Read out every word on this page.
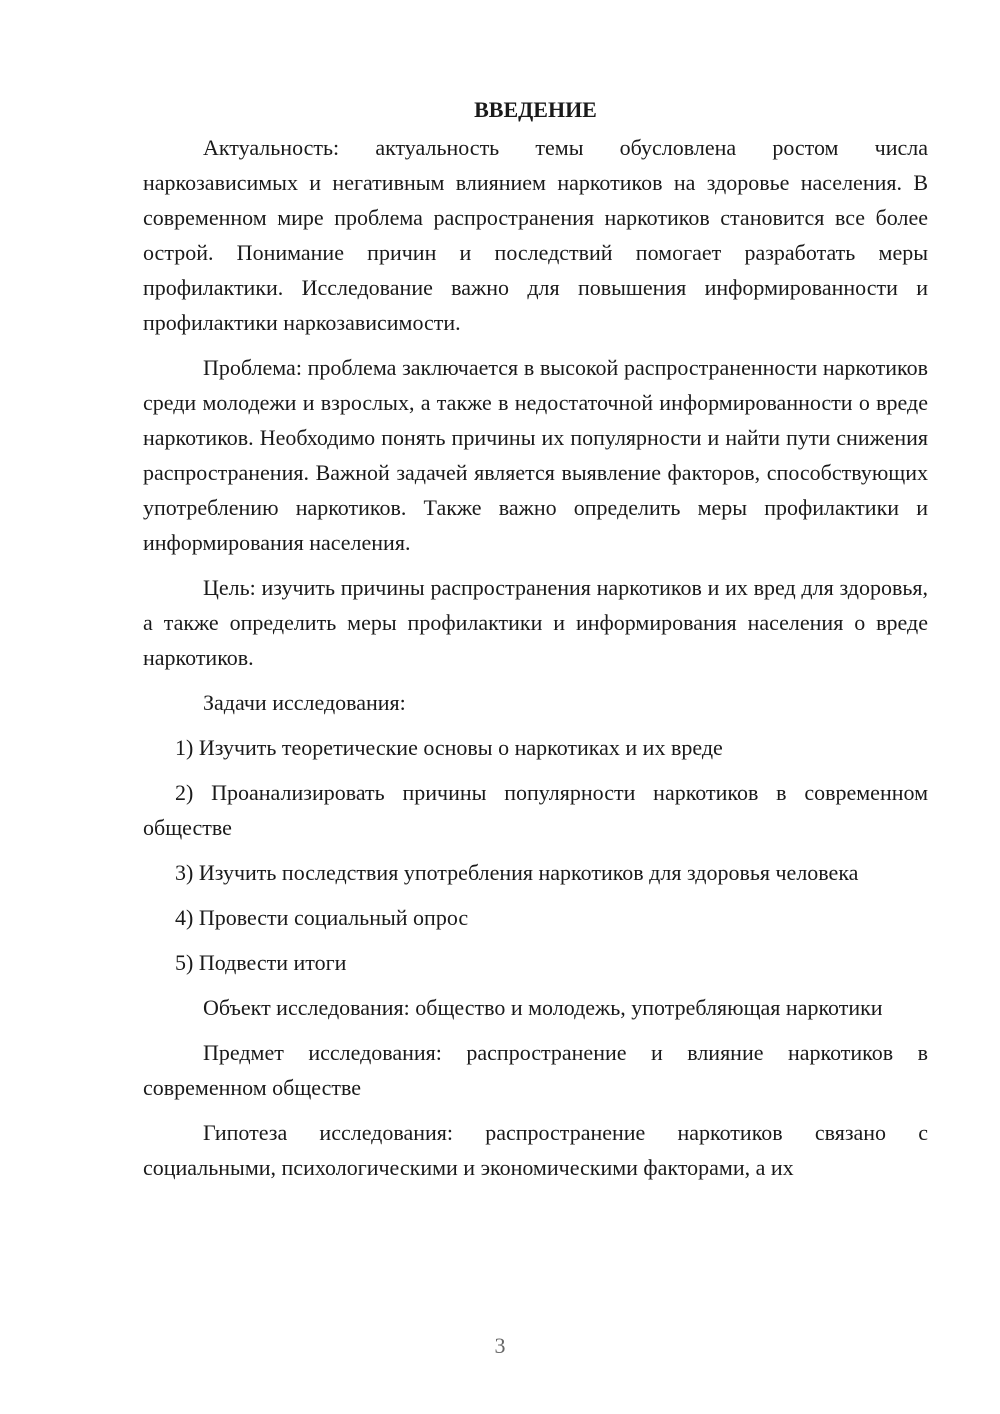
ВВЕДЕНИЕ

Актуальность: актуальность темы обусловлена ростом числа наркозависимых и негативным влиянием наркотиков на здоровье населения. В современном мире проблема распространения наркотиков становится все более острой. Понимание причин и последствий помогает разработать меры профилактики. Исследование важно для повышения информированности и профилактики наркозависимости.

Проблема: проблема заключается в высокой распространенности наркотиков среди молодежи и взрослых, а также в недостаточной информированности о вреде наркотиков. Необходимо понять причины их популярности и найти пути снижения распространения. Важной задачей является выявление факторов, способствующих употреблению наркотиков. Также важно определить меры профилактики и информирования населения.

Цель: изучить причины распространения наркотиков и их вред для здоровья, а также определить меры профилактики и информирования населения о вреде наркотиков.

Задачи исследования:

1) Изучить теоретические основы о наркотиках и их вреде

2) Проанализировать причины популярности наркотиков в современном обществе

3) Изучить последствия употребления наркотиков для здоровья человека

4) Провести социальный опрос

5) Подвести итоги

Объект исследования: общество и молодежь, употребляющая наркотики

Предмет исследования: распространение и влияние наркотиков в современном обществе

Гипотеза исследования: распространение наркотиков связано с социальными, психологическими и экономическими факторами, а их

3
